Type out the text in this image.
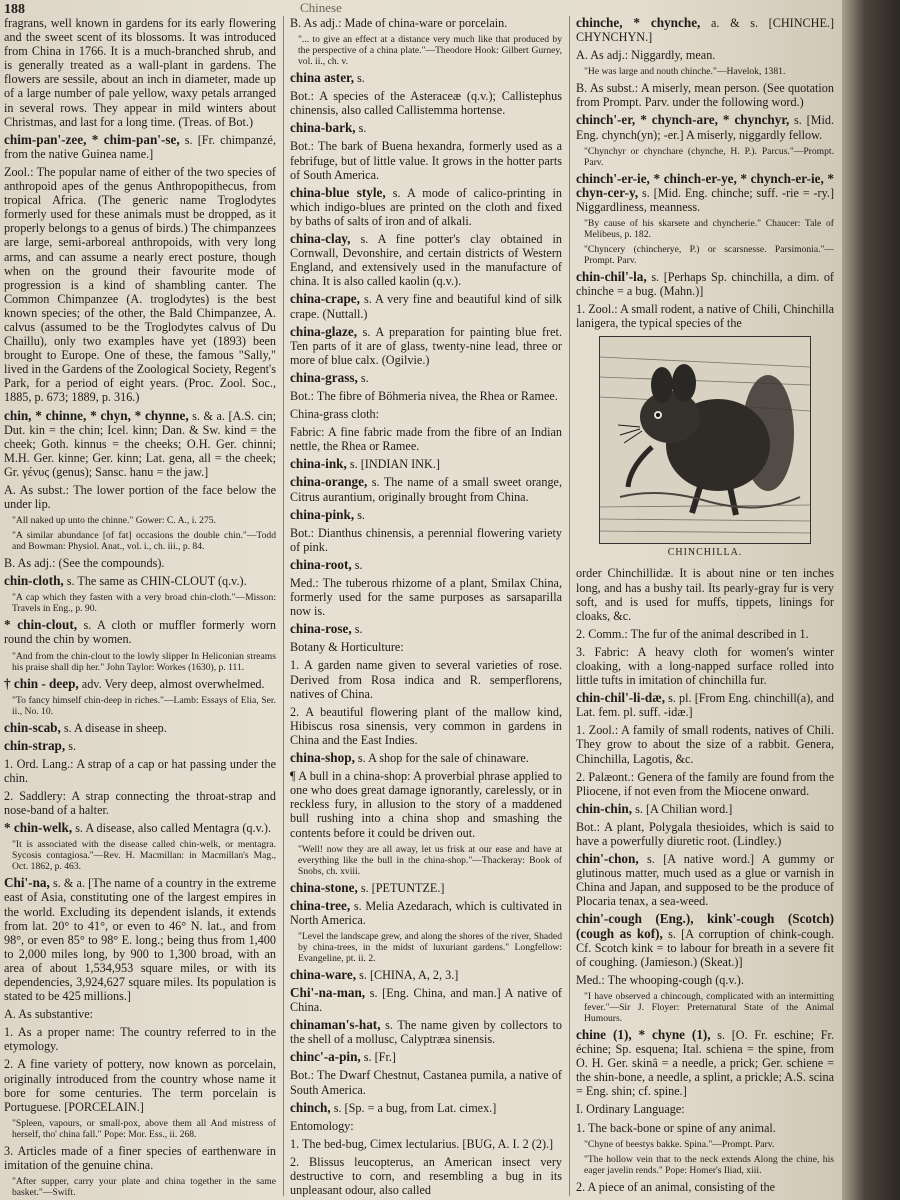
188	Chinese

fragrans, well known in gardens for its early flowering and the sweet scent of its blossoms. It was introduced from China in 1766. It is a much-branched shrub, and is generally treated as a wall-plant in gardens. The flowers are sessile, about an inch in diameter, made up of a large number of pale yellow, waxy petals arranged in several rows. They appear in mild winters about Christmas, and last for a long time. (Treas. of Bot.)

chim-pan'-zee, * chim-pan'-se, s. [Fr. chimpanzé, from the native Guinea name.]

Zool.: The popular name of either of the two species of anthropoid apes of the genus Anthropopithecus, from tropical Africa. (The generic name Troglodytes formerly used for these animals must be dropped, as it properly belongs to a genus of birds.) The chimpanzees are large, semi-arboreal anthropoids, with very long arms, and can assume a nearly erect posture, though when on the ground their favourite mode of progression is a kind of shambling canter. The Common Chimpanzee (A. troglodytes) is the best known species; of the other, the Bald Chimpanzee, A. calvus (assumed to be the Troglodytes calvus of Du Chaillu), only two examples have yet (1893) been brought to Europe. One of these, the famous "Sally," lived in the Gardens of the Zoological Society, Regent's Park, for a period of eight years. (Proc. Zool. Soc., 1885, p. 673; 1889, p. 316.)

chin, * chinne, * chyn, * chynne, s. & a. [A.S. cin; Dut. kin = the chin; Icel. kinn; Dan. & Sw. kind = the cheek; Goth. kinnus = the cheeks; O.H. Ger. chinni; M.H. Ger. kinne; Ger. kinn; Lat. gena, all = the cheek; Gr. γένυς (genus); Sansc. hanu = the jaw.]

A. As subst.: The lower portion of the face below the under lip.

"All naked up unto the chinne." Gower: C. A., i. 275.

"A similar abundance [of fat] occasions the double chin."—Todd and Bowman: Physiol. Anat., vol. i., ch. iii., p. 84.

B. As adj.: (See the compounds).

chin-cloth, s. The same as CHIN-CLOUT (q.v.).

"A cap which they fasten with a very broad chin-cloth."—Misson: Travels in Eng., p. 90.

* chin-clout, s. A cloth or muffler formerly worn round the chin by women.

"And from the chin-clout to the lowly slipper In Heliconian streams his praise shall dip her." John Taylor: Workes (1630), p. 111.

† chin - deep, adv. Very deep, almost overwhelmed.

"To fancy himself chin-deep in riches."—Lamb: Essays of Elia, Ser. ii., No. 10.

chin-scab, s. A disease in sheep.

chin-strap, s.

1. Ord. Lang.: A strap of a cap or hat passing under the chin.

2. Saddlery: A strap connecting the throat-strap and nose-band of a halter.

* chin-welk, s. A disease, also called Mentagra (q.v.).

"It is associated with the disease called chin-welk, or mentagra. Sycosis contagiosa."—Rev. H. Macmillan: in Macmillan's Mag., Oct. 1862, p. 463.

Chi'-na, s. & a. [The name of a country in the extreme east of Asia, constituting one of the largest empires in the world. Excluding its dependent islands, it extends from lat. 20° to 41°, or even to 46° N. lat., and from 98°, or even 85° to 98° E. long.; being thus from 1,400 to 2,000 miles long, by 900 to 1,300 broad, with an area of about 1,534,953 square miles, or with its dependencies, 3,924,627 square miles. Its population is stated to be 425 millions.]

A. As substantive:

1. As a proper name: The country referred to in the etymology.

2. A fine variety of pottery, now known as porcelain, originally introduced from the country whose name it bore for some centuries. The term porcelain is Portuguese. [PORCELAIN.]

"Spleen, vapours, or small-pox, above them all And mistress of herself, tho' china fall." Pope: Mor. Ess., ii. 268.

3. Articles made of a finer species of earthenware in imitation of the genuine china.

"After supper, carry your plate and china together in the same basket."—Swift.

B. As adj.: Made of china-ware or porcelain.

"... to give an effect at a distance very much like that produced by the perspective of a china plate."—Theodore Hook: Gilbert Gurney, vol. ii., ch. v.

china aster, s.

Bot.: A species of the Asteraceæ (q.v.); Callistephus chinensis, also called Callistemma hortense.

china-bark, s.

Bot.: The bark of Buena hexandra, formerly used as a febrifuge, but of little value. It grows in the hotter parts of South America.

china-blue style, s. A mode of calico-printing in which indigo-blues are printed on the cloth and fixed by baths of salts of iron and of alkali.

china-clay, s. A fine potter's clay obtained in Cornwall, Devonshire, and certain districts of Western England, and extensively used in the manufacture of china. It is also called kaolin (q.v.).

china-crape, s. A very fine and beautiful kind of silk crape. (Nuttall.)

china-glaze, s. A preparation for painting blue fret. Ten parts of it are of glass, twenty-nine lead, three or more of blue calx. (Ogilvie.)

china-grass, s.

Bot.: The fibre of Böhmeria nivea, the Rhea or Ramee.

China-grass cloth:

Fabric: A fine fabric made from the fibre of an Indian nettle, the Rhea or Ramee.

china-ink, s. [INDIAN INK.]

china-orange, s. The name of a small sweet orange, Citrus aurantium, originally brought from China.

china-pink, s.

Bot.: Dianthus chinensis, a perennial flowering variety of pink.

china-root, s.

Med.: The tuberous rhizome of a plant, Smilax China, formerly used for the same purposes as sarsaparilla now is.

china-rose, s.

Botany & Horticulture:

1. A garden name given to several varieties of rose. Derived from Rosa indica and R. semperflorens, natives of China.

2. A beautiful flowering plant of the mallow kind, Hibiscus rosa sinensis, very common in gardens in China and the East Indies.

china-shop, s. A shop for the sale of chinaware.

¶ A bull in a china-shop: A proverbial phrase applied to one who does great damage ignorantly, carelessly, or in reckless fury, in allusion to the story of a maddened bull rushing into a china shop and smashing the contents before it could be driven out.

"Well! now they are all away, let us frisk at our ease and have at everything like the bull in the china-shop."—Thackeray: Book of Snobs, ch. xviii.

china-stone, s. [PETUNTZE.]

china-tree, s. Melia Azedarach, which is cultivated in North America.

"Level the landscape grew, and along the shores of the river, Shaded by china-trees, in the midst of luxuriant gardens." Longfellow: Evangeline, pt. ii. 2.

china-ware, s. [CHINA, A, 2, 3.]

Chi'-na-man, s. [Eng. China, and man.] A native of China.

chinaman's-hat, s. The name given by collectors to the shell of a mollusc, Calyptræa sinensis.

chinc'-a-pin, s. [Fr.]

Bot.: The Dwarf Chestnut, Castanea pumila, a native of South America.

chinch, s. [Sp. = a bug, from Lat. cimex.]

Entomology:

1. The bed-bug, Cimex lectularius. [BUG, A. I. 2 (2).]

2. Blissus leucopterus, an American insect very destructive to corn, and resembling a bug in its unpleasant odour, also called

chinche, * chynche, a. & s. [CHINCHE.] CHYNCHYN.]

A. As adj.: Niggardly, mean.

"He was large and nouth chinche."—Havelok, 1381.

B. As subst.: A miserly, mean person. (See quotation from Prompt. Parv. under the following word.)

chinch'-er, * chynch-are, * chynchyr, s. [Mid. Eng. chynch(yn); -er.] A miserly, niggardly fellow.

"Chynchyr or chynchare (chynche, H. P.). Parcus."—Prompt. Parv.

chinch'-er-ie, * chinch-er-ye, * chynch-er-ie, * chyn-cer-y, s. [Mid. Eng. chinche; suff. -rie = -ry.] Niggardliness, meanness.

"By cause of his skarsete and chyncherie." Chaucer: Tale of Melibeus, p. 182.

"Chyncery (chincherye, P.) or scarsnesse. Parsimonia."—Prompt. Parv.

chin-chil'-la, s. [Perhaps Sp. chinchilla, a dim. of chinche = a bug. (Mahn.)]

1. Zool.: A small rodent, a native of Chili, Chinchilla lanigera, the typical species of the

CHINCHILLA.

order Chinchillidæ. It is about nine or ten inches long, and has a bushy tail. Its pearly-gray fur is very soft, and is used for muffs, tippets, linings for cloaks, &c.

2. Comm.: The fur of the animal described in 1.

3. Fabric: A heavy cloth for women's winter cloaking, with a long-napped surface rolled into little tufts in imitation of chinchilla fur.

chin-chil'-li-dæ, s. pl. [From Eng. chinchill(a), and Lat. fem. pl. suff. -idæ.]

1. Zool.: A family of small rodents, natives of Chili. They grow to about the size of a rabbit. Genera, Chinchilla, Lagotis, &c.

2. Palæont.: Genera of the family are found from the Pliocene, if not even from the Miocene onward.

chin-chin, s. [A Chilian word.]

Bot.: A plant, Polygala thesioides, which is said to have a powerfully diuretic root. (Lindley.)

chin'-chon, s. [A native word.] A gummy or glutinous matter, much used as a glue or varnish in China and Japan, and supposed to be the produce of Plocaria tenax, a sea-weed.

chin'-cough (Eng.), kink'-cough (Scotch) (cough as kof), s. [A corruption of chink-cough. Cf. Scotch kink = to labour for breath in a severe fit of coughing. (Jamieson.) (Skeat.)]

Med.: The whooping-cough (q.v.).

"I have observed a chincough, complicated with an intermitting fever."—Sir J. Floyer: Preternatural State of the Animal Humours.

chine (1), * chyne (1), s. [O. Fr. eschine; Fr. échine; Sp. esquena; Ital. schiena = the spine, from O. H. Ger. skinâ = a needle, a prick; Ger. schiene = the shin-bone, a needle, a splint, a prickle; A.S. scina = Eng. shin; cf. spine.]

I. Ordinary Language:

1. The back-bone or spine of any animal.

"Chyne of beestys bakke. Spina."—Prompt. Parv.

"The hollow vein that to the neck extends Along the chine, his eager javelin rends." Pope: Homer's Iliad, xiii.

2. A piece of an animal, consisting of the
